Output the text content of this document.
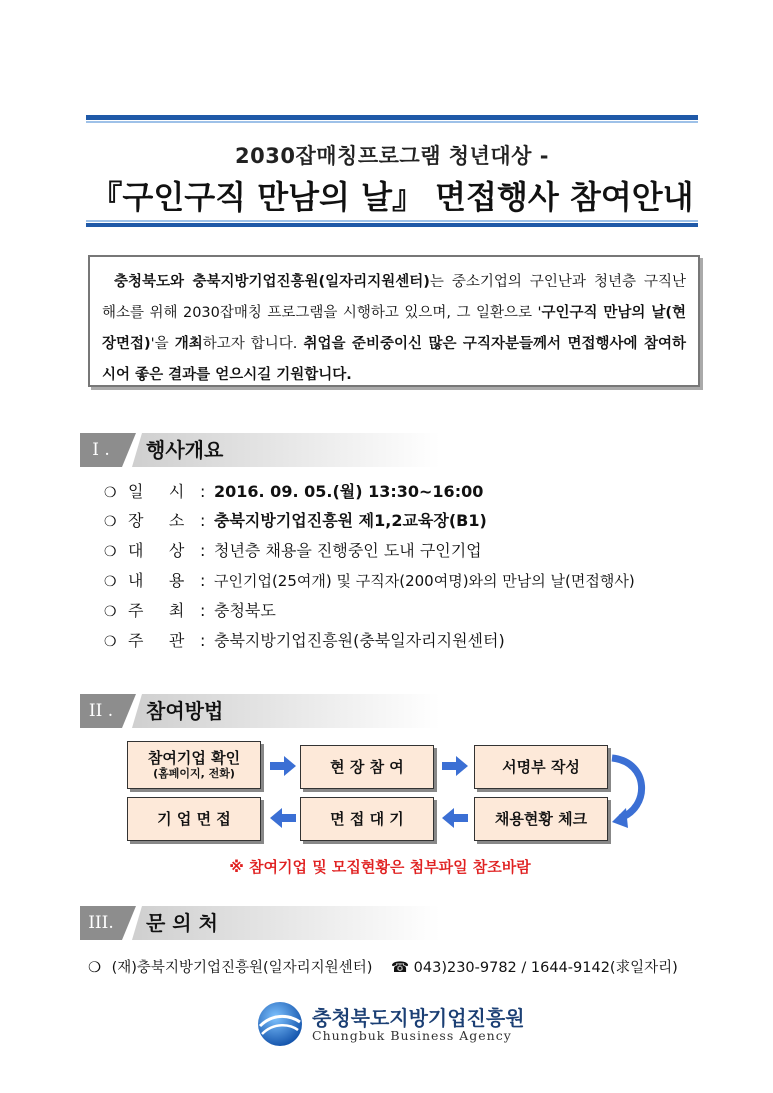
2030잡매칭프로그램 청년대상 -
『구인구직 만남의 날』 면접행사 참여안내
충청북도와 충북지방기업진흥원(일자리지원센터)는 중소기업의 구인난과 청년층 구직난 해소를 위해 2030잡매칭 프로그램을 시행하고 있으며, 그 일환으로 '구인구직 만남의 날(현장면접)'을 개최하고자 합니다. 취업을 준비중이신 많은 구직자분들께서 면접행사에 참여하시어 좋은 결과를 얻으시길 기원합니다.
I .	행사개요
❍ 일     시 : 2016. 09. 05.(월) 13:30~16:00
❍ 장     소 : 충북지방기업진흥원 제1,2교육장(B1)
❍ 대     상 : 청년층 채용을 진행중인 도내 구인기업
❍ 내     용 : 구인기업(25여개) 및 구직자(200여명)와의 만남의 날(면접행사)
❍ 주     최 : 충청북도
❍ 주     관 : 충북지방기업진흥원(충북일자리지원센터)
II .	참여방법
참여기업 확인
(홈페이지, 전화)	현 장 참 여	서명부 작성
기 업 면 접	면 접 대 기	채용현황 체크
※ 참여기업 및 모집현황은 첨부파일 참조바람
III.	문 의 처
❍ (재)충북지방기업진흥원(일자리지원센터) ☎ 043)230-9782 / 1644-9142(求일자리)
충청북도지방기업진흥원
Chungbuk Business Agency
